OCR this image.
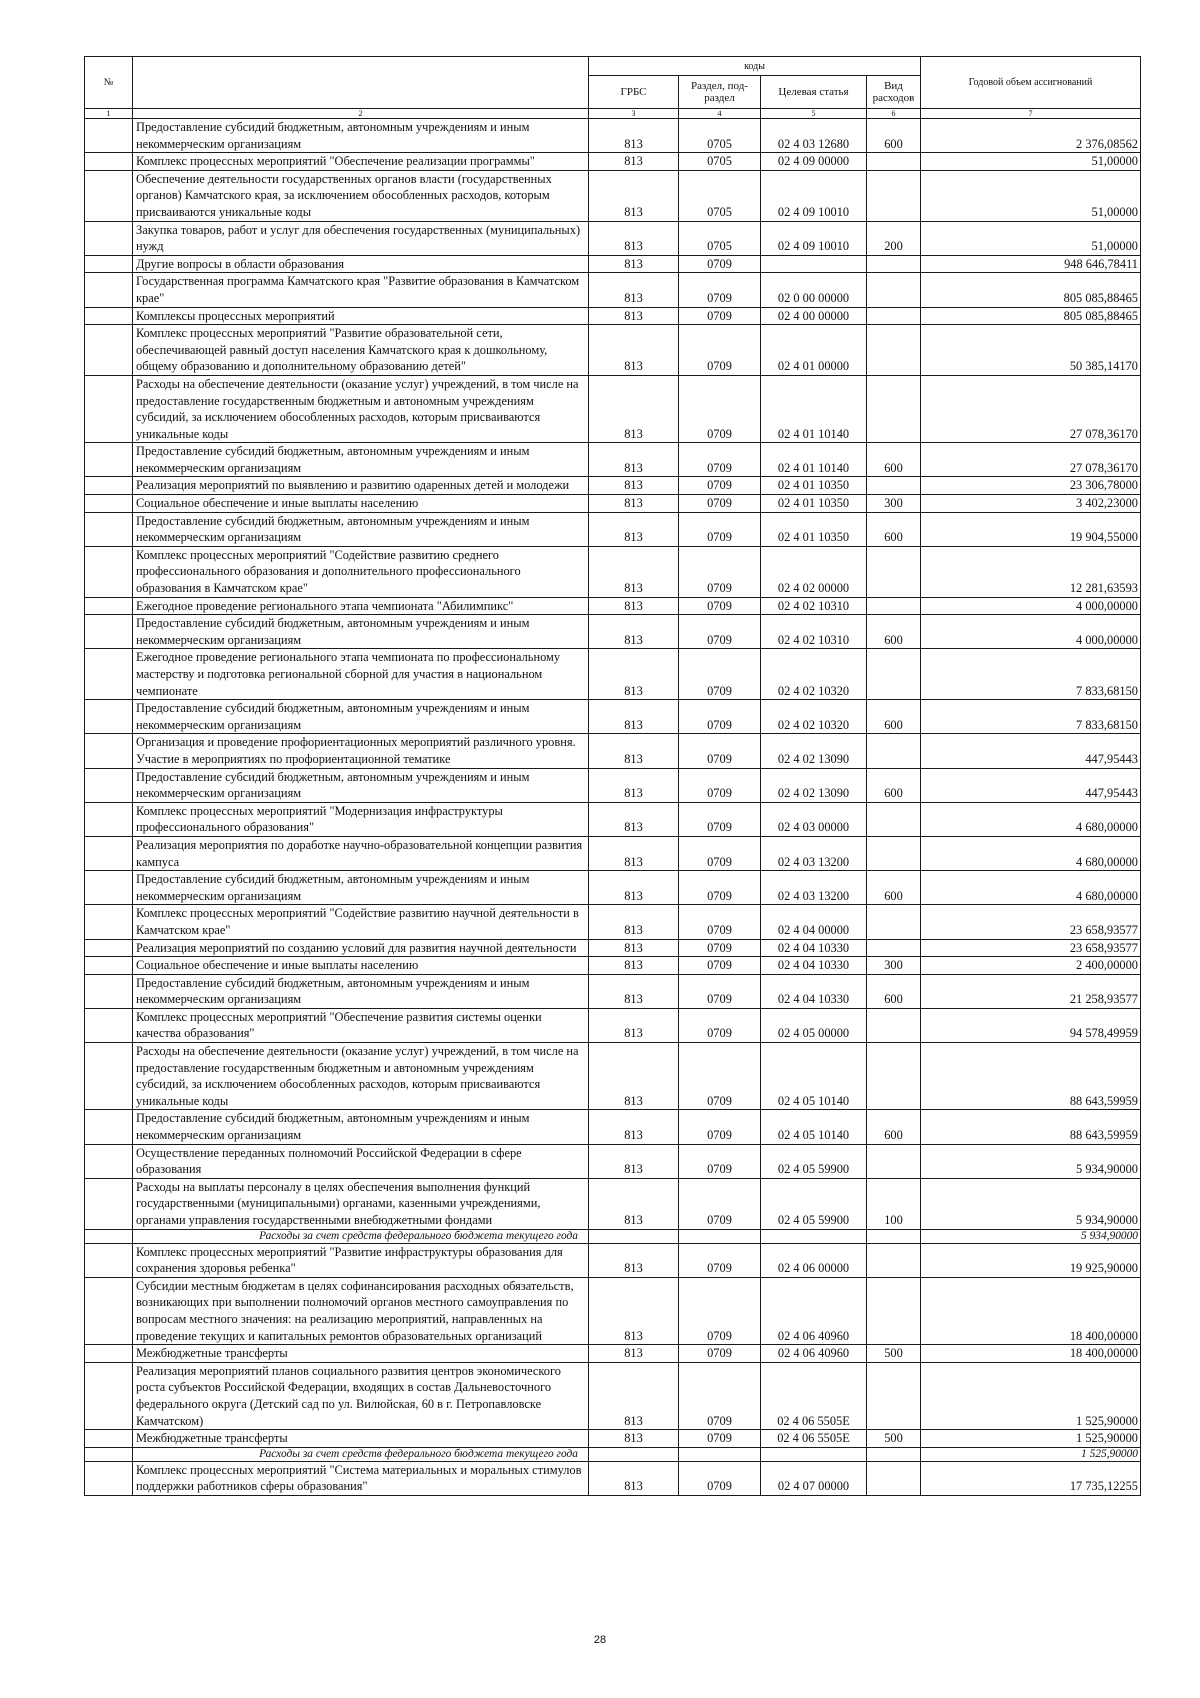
№		коды				Годовой объем ассигнований
		ГРБС	Раздел, под-раздел	Целевая статья	Вид расходов	
1	2	3	4	5	6	7
	Предоставление субсидий бюджетным, автономным учреждениям и иным некоммерческим организациям	813	0705	02 4 03 12680	600	2 376,08562
	Комплекс процессных мероприятий "Обеспечение реализации программы"	813	0705	02 4 09 00000		51,00000
	Обеспечение деятельности государственных органов власти (государственных органов) Камчатского края, за исключением обособленных расходов, которым присваиваются уникальные коды	813	0705	02 4 09 10010		51,00000
	Закупка товаров, работ и услуг для обеспечения государственных (муниципальных) нужд	813	0705	02 4 09 10010	200	51,00000
	Другие вопросы в области образования	813	0709			948 646,78411
	Государственная программа Камчатского края "Развитие образования в Камчатском крае"	813	0709	02 0 00 00000		805 085,88465
	Комплексы процессных мероприятий	813	0709	02 4 00 00000		805 085,88465
	Комплекс процессных мероприятий "Развитие образовательной сети, обеспечивающей равный доступ населения Камчатского края к дошкольному, общему образованию и дополнительному образованию детей"	813	0709	02 4 01 00000		50 385,14170
	Расходы на обеспечение деятельности (оказание услуг) учреждений, в том числе на предоставление государственным бюджетным и автономным учреждениям субсидий, за исключением обособленных расходов, которым присваиваются уникальные коды	813	0709	02 4 01 10140		27 078,36170
	Предоставление субсидий бюджетным, автономным учреждениям и иным некоммерческим организациям	813	0709	02 4 01 10140	600	27 078,36170
	Реализация мероприятий по выявлению и развитию одаренных детей и молодежи	813	0709	02 4 01 10350		23 306,78000
	Социальное обеспечение и иные выплаты населению	813	0709	02 4 01 10350	300	3 402,23000
	Предоставление субсидий бюджетным, автономным учреждениям и иным некоммерческим организациям	813	0709	02 4 01 10350	600	19 904,55000
	Комплекс процессных мероприятий "Содействие развитию среднего профессионального образования и дополнительного профессионального образования в Камчатском крае"	813	0709	02 4 02 00000		12 281,63593
	Ежегодное проведение регионального этапа чемпионата "Абилимпикс"	813	0709	02 4 02 10310		4 000,00000
	Предоставление субсидий бюджетным, автономным учреждениям и иным некоммерческим организациям	813	0709	02 4 02 10310	600	4 000,00000
	Ежегодное проведение регионального этапа чемпионата по профессиональному мастерству и подготовка региональной сборной для участия в национальном чемпионате	813	0709	02 4 02 10320		7 833,68150
	Предоставление субсидий бюджетным, автономным учреждениям и иным некоммерческим организациям	813	0709	02 4 02 10320	600	7 833,68150
	Организация и проведение профориентационных мероприятий различного уровня. Участие в мероприятиях по профориентационной тематике	813	0709	02 4 02 13090		447,95443
	Предоставление субсидий бюджетным, автономным учреждениям и иным некоммерческим организациям	813	0709	02 4 02 13090	600	447,95443
	Комплекс процессных мероприятий "Модернизация инфраструктуры профессионального образования"	813	0709	02 4 03 00000		4 680,00000
	Реализация мероприятия по доработке научно-образовательной концепции развития кампуса	813	0709	02 4 03 13200		4 680,00000
	Предоставление субсидий бюджетным, автономным учреждениям и иным некоммерческим организациям	813	0709	02 4 03 13200	600	4 680,00000
	Комплекс процессных мероприятий "Содействие развитию научной деятельности в Камчатском крае"	813	0709	02 4 04 00000		23 658,93577
	Реализация мероприятий по созданию условий для развития научной деятельности	813	0709	02 4 04 10330		23 658,93577
	Социальное обеспечение и иные выплаты населению	813	0709	02 4 04 10330	300	2 400,00000
	Предоставление субсидий бюджетным, автономным учреждениям и иным некоммерческим организациям	813	0709	02 4 04 10330	600	21 258,93577
	Комплекс процессных мероприятий "Обеспечение развития системы оценки качества образования"	813	0709	02 4 05 00000		94 578,49959
	Расходы на обеспечение деятельности (оказание услуг) учреждений, в том числе на предоставление государственным бюджетным и автономным учреждениям субсидий, за исключением обособленных расходов, которым присваиваются уникальные коды	813	0709	02 4 05 10140		88 643,59959
	Предоставление субсидий бюджетным, автономным учреждениям и иным некоммерческим организациям	813	0709	02 4 05 10140	600	88 643,59959
	Осуществление переданных полномочий Российской Федерации в сфере образования	813	0709	02 4 05 59900		5 934,90000
	Расходы на выплаты персоналу в целях обеспечения выполнения функций государственными (муниципальными) органами, казенными учреждениями, органами управления государственными внебюджетными фондами	813	0709	02 4 05 59900	100	5 934,90000
	Расходы за счет средств федерального бюджета текущего года					5 934,90000
	Комплекс процессных мероприятий "Развитие инфраструктуры образования для сохранения здоровья ребенка"	813	0709	02 4 06 00000		19 925,90000
	Субсидии местным бюджетам в целях софинансирования расходных обязательств, возникающих при выполнении полномочий органов местного самоуправления по вопросам местного значения: на реализацию мероприятий, направленных на проведение текущих и капитальных ремонтов образовательных организаций	813	0709	02 4 06 40960		18 400,00000
	Межбюджетные трансферты	813	0709	02 4 06 40960	500	18 400,00000
	Реализация мероприятий планов социального развития центров экономического роста субъектов Российской Федерации, входящих в состав Дальневосточного федерального округа (Детский сад по ул. Вилюйская, 60 в г. Петропавловске Камчатском)	813	0709	02 4 06 5505Е		1 525,90000
	Межбюджетные трансферты	813	0709	02 4 06 5505Е	500	1 525,90000
	Расходы за счет средств федерального бюджета текущего года					1 525,90000
	Комплекс процессных мероприятий "Система материальных и моральных стимулов поддержки работников сферы образования"	813	0709	02 4 07 00000		17 735,12255
28
